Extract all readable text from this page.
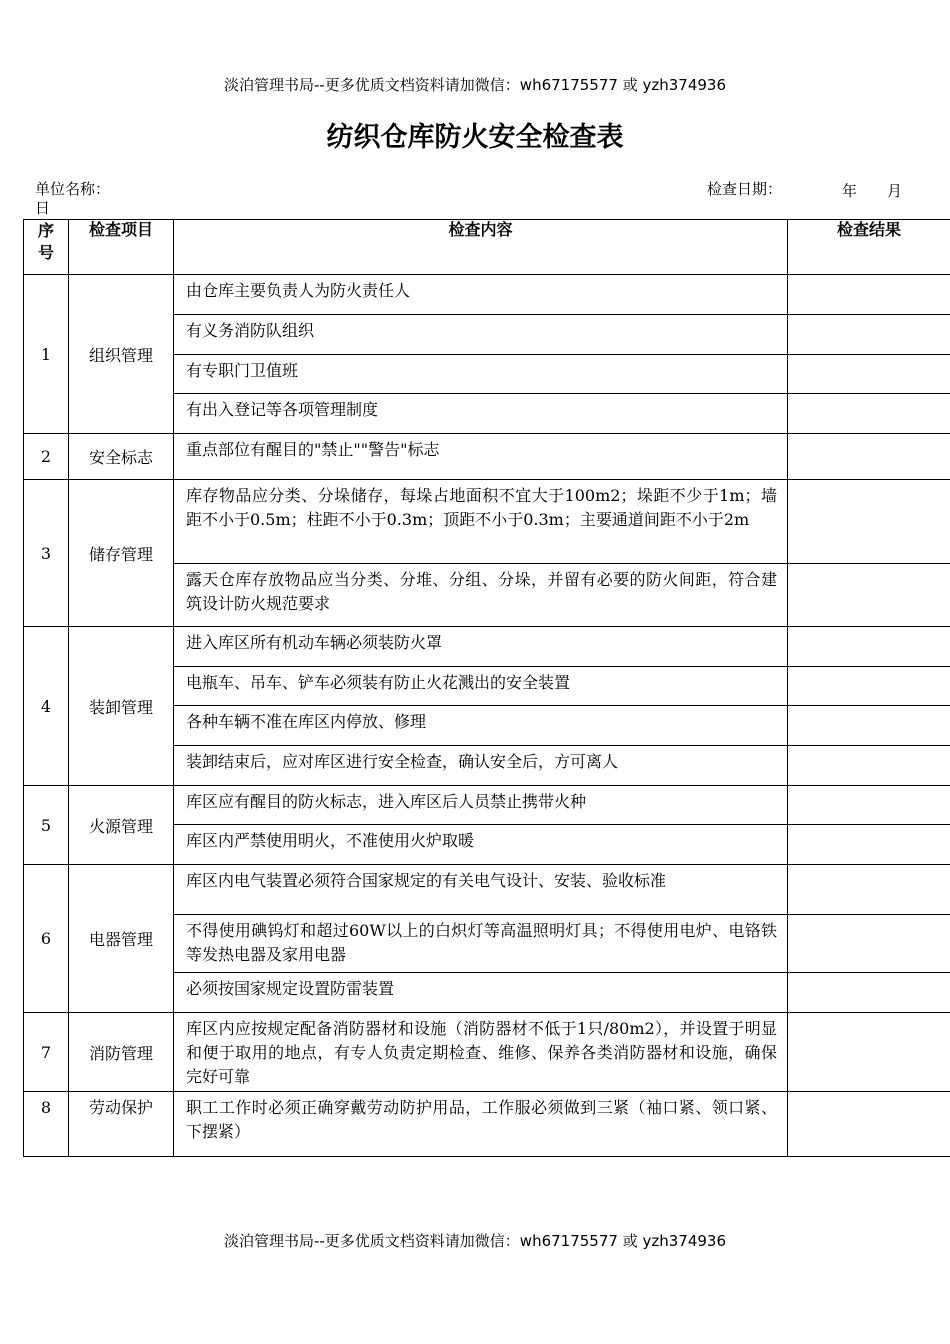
淡泊管理书局--更多优质文档资料请加微信：wh67175577 或 yzh374936
纺织仓库防火安全检查表
单位名称：	检查日期：	年 月
日
序号	检查项目	检查内容	检查结果
1	组织管理	由仓库主要负责人为防火责任人	
		有义务消防队组织	
		有专职门卫值班	
		有出入登记等各项管理制度	
2	安全标志	重点部位有醒目的"禁止""警告"标志	
3	储存管理	库存物品应分类、分垛储存，每垛占地面积不宜大于100m2；垛距不少于1m；墙距不小于0.5m；柱距不小于0.3m；顶距不小于0.3m；主要通道间距不小于2m	
		露天仓库存放物品应当分类、分堆、分组、分垛，并留有必要的防火间距，符合建筑设计防火规范要求	
4	装卸管理	进入库区所有机动车辆必须装防火罩	
		电瓶车、吊车、铲车必须装有防止火花溅出的安全装置	
		各种车辆不准在库区内停放、修理	
		装卸结束后，应对库区进行安全检查，确认安全后，方可离人	
5	火源管理	库区应有醒目的防火标志，进入库区后人员禁止携带火种	
		库区内严禁使用明火，不准使用火炉取暖	
6	电器管理	库区内电气装置必须符合国家规定的有关电气设计、安装、验收标准	
		不得使用碘钨灯和超过60W以上的白炽灯等高温照明灯具；不得使用电炉、电铬铁等发热电器及家用电器	
		必须按国家规定设置防雷装置	
7	消防管理	库区内应按规定配备消防器材和设施（消防器材不低于1只/80m2），并设置于明显和便于取用的地点，有专人负责定期检查、维修、保养各类消防器材和设施，确保完好可靠	
8	劳动保护	职工工作时必须正确穿戴劳动防护用品，工作服必须做到三紧（袖口紧、领口紧、下摆紧）	
淡泊管理书局--更多优质文档资料请加微信：wh67175577 或 yzh374936
